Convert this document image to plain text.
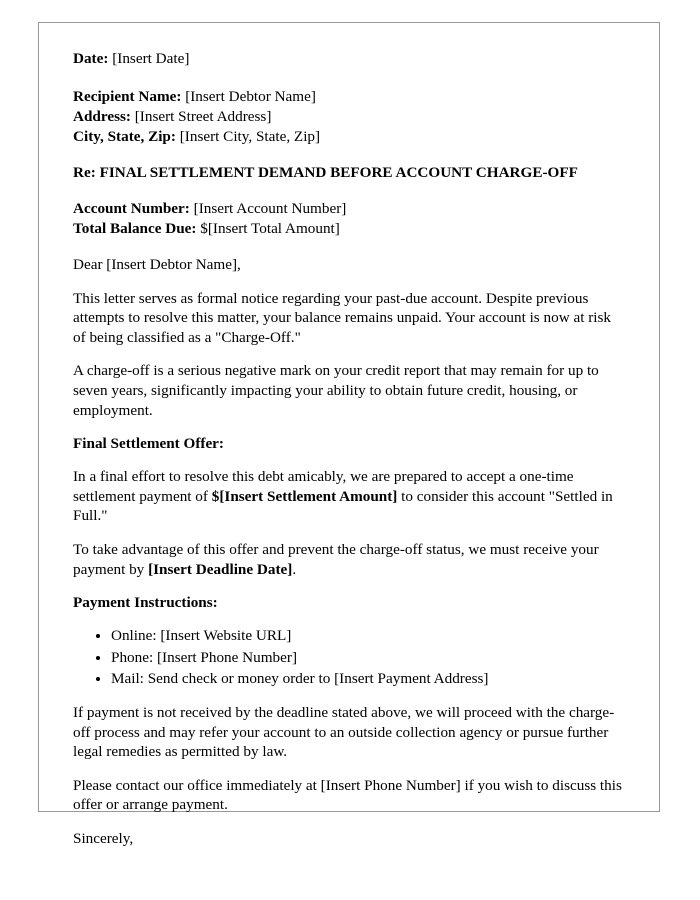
Date: [Insert Date]

Recipient Name: [Insert Debtor Name]

Address: [Insert Street Address]

City, State, Zip: [Insert City, State, Zip]

Re: FINAL SETTLEMENT DEMAND BEFORE ACCOUNT CHARGE-OFF

Account Number: [Insert Account Number]

Total Balance Due: $[Insert Total Amount]

Dear [Insert Debtor Name],

This letter serves as formal notice regarding your past-due account. Despite previous attempts to resolve this matter, your balance remains unpaid. Your account is now at risk of being classified as a "Charge-Off."

A charge-off is a serious negative mark on your credit report that may remain for up to seven years, significantly impacting your ability to obtain future credit, housing, or employment.

Final Settlement Offer:

In a final effort to resolve this debt amicably, we are prepared to accept a one-time settlement payment of $[Insert Settlement Amount] to consider this account "Settled in Full."

To take advantage of this offer and prevent the charge-off status, we must receive your payment by [Insert Deadline Date].

Payment Instructions:

• Online: [Insert Website URL]
• Phone: [Insert Phone Number]
• Mail: Send check or money order to [Insert Payment Address]

If payment is not received by the deadline stated above, we will proceed with the charge-off process and may refer your account to an outside collection agency or pursue further legal remedies as permitted by law.

Please contact our office immediately at [Insert Phone Number] if you wish to discuss this offer or arrange payment.

Sincerely,
